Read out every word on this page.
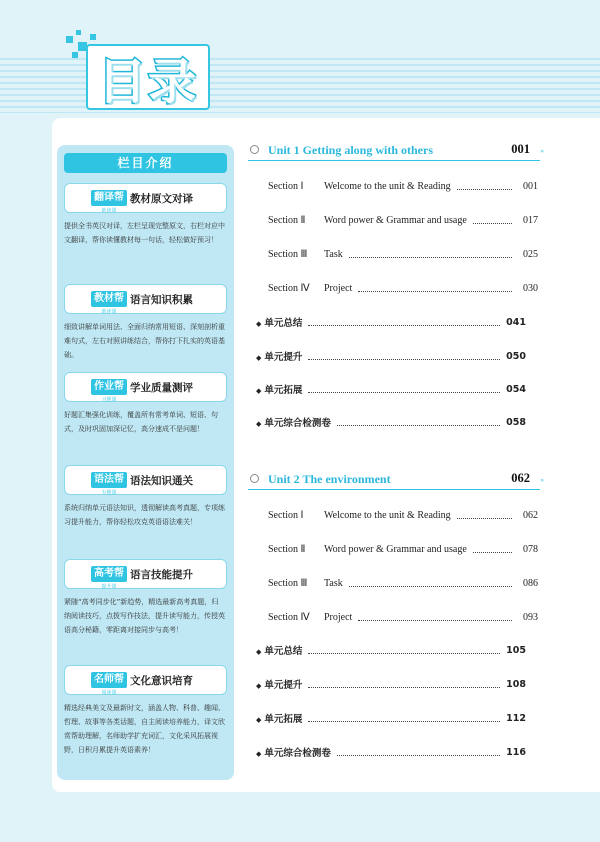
目录
栏目介绍
翻译帮
助读课
教材原文对译
提供全书英汉对译，左栏呈现完整原文，右栏对应中文翻译，帮你读懂教材每一句话，轻松做好预习！
教材帮
助读课
语言知识积累
细致讲解单词用法、全面归纳常用短语、深刻剖析重难句式，左右对照讲练结合，帮你打下扎实的英语基础。
作业帮
习题课
学业质量测评
好题汇集强化训练，覆盖所有常考单词、短语、句式，及时巩固加深记忆，高分速成不是问题！
语法帮
专题课
语法知识通关
系统归纳单元语法知识，透彻解读高考真题，专项练习提升能力，帮你轻松攻克英语语法难关！
高考帮
提升课
语言技能提升
紧随“高考同步化”新趋势，精选最新高考真题，归纳阅读技巧，点拨写作技法，提升读写能力，传授英语高分秘籍，零距离对接同步与高考！
名师帮
阅读课
文化意识培育
精选经典美文及最新时文，涵盖人物、科普、趣闻、哲理、故事等各类话题，自主阅读培养能力，译文欣赏帮助理解，名师助学扩充词汇，文化采风拓展视野，日积月累提升英语素养！
Unit 1 Getting along with others	001 »
Section Ⅰ Welcome to the unit & Reading	001
Section Ⅱ Word power & Grammar and usage	017
Section Ⅲ Task	025
Section Ⅳ Project	030
◆ 单元总结	041
◆ 单元提升	050
◆ 单元拓展	054
◆ 单元综合检测卷	058
Unit 2 The environment	062 »
Section Ⅰ Welcome to the unit & Reading	062
Section Ⅱ Word power & Grammar and usage	078
Section Ⅲ Task	086
Section Ⅳ Project	093
◆ 单元总结	105
◆ 单元提升	108
◆ 单元拓展	112
◆ 单元综合检测卷	116
